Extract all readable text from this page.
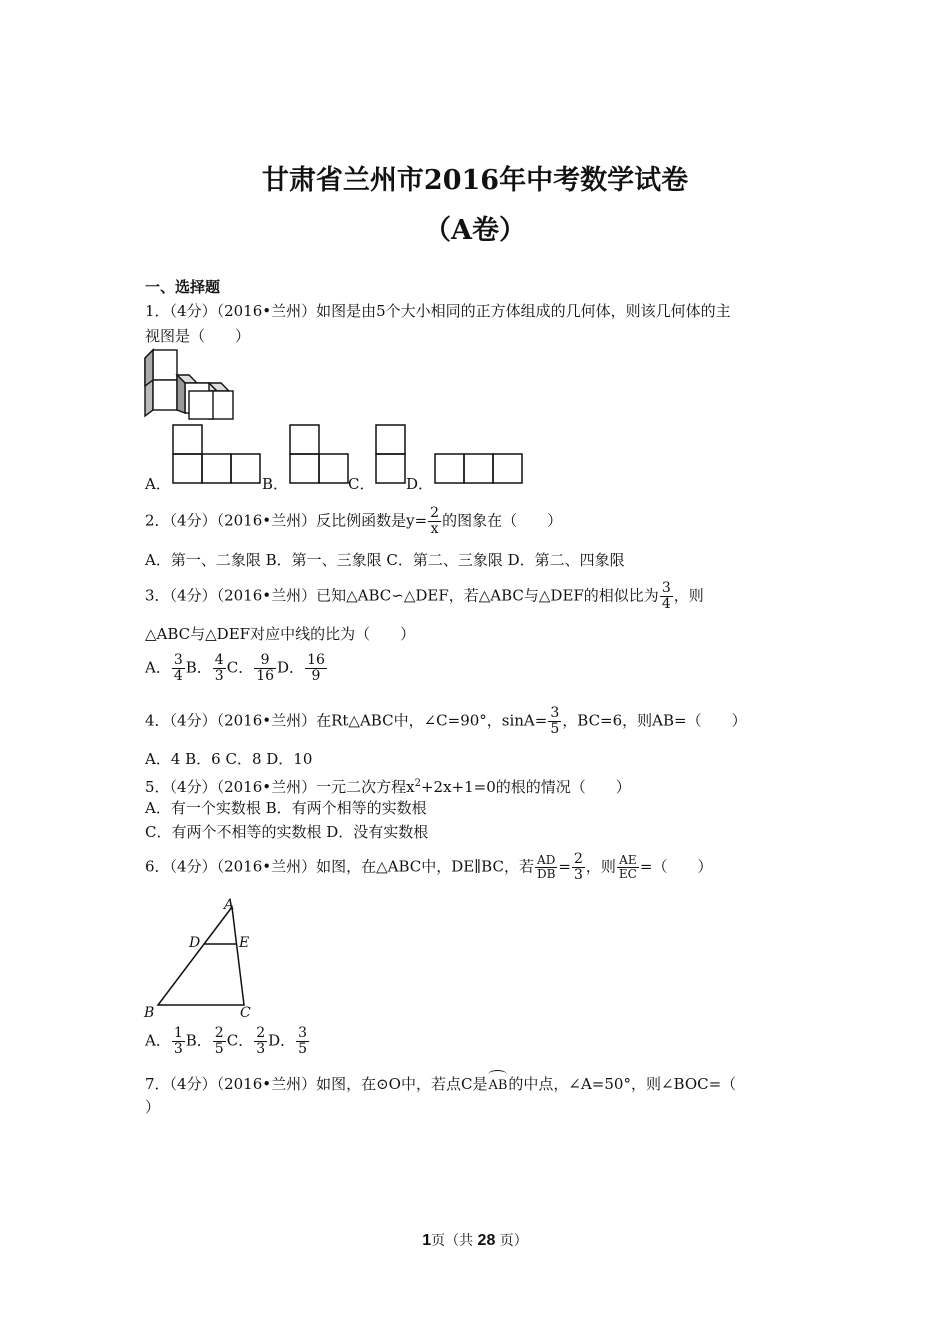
甘肃省兰州市2016年中考数学试卷
（A卷）
一、选择题
1．（4分）（2016•兰州）如图是由5个大小相同的正方体组成的几何体，则该几何体的主
视图是（　　）
A．	B．	C． D．
2．（4分）（2016•兰州）反比例函数是$y= \frac{2}{x}$ 的图象在（　　）
A．第一、二象限 B．第一、三象限 C．第二、三象限 D．第二、四象限
3．（4分）（2016•兰州）已知△ABC∽△DEF，若△ABC与△DEF的相似比为 $\frac{3}{4}$ ，则
△ABC与△DEF对应中线的比为（　　）
A． $\frac{3}{4}$ B． $\frac{4}{3}$ C． $\frac{9}{16}$ D． $\frac{16}{9}$
4．（4分）（2016•兰州）在Rt△ABC中，∠C=90°，$\sin A= \frac{3}{5}$ ，BC=6，则AB=（　　）
A．4 B．6 C．8 D．10
5．（4分）（2016•兰州）一元二次方程$x^2+2x+1=0$的根的情况（　　）
A．有一个实数根 B．有两个相等的实数根
C．有两个不相等的实数根 D．没有实数根
6．（4分）（2016•兰州）如图，在△ABC中，DE∥BC，若 $\frac{AD}{DB} = \frac{2}{3}$ ，则 $\frac{AE}{EC}$ =（　　）
A
D	E
B	C
A． $\frac{1}{3}$ B． $\frac{2}{5}$ C． $\frac{2}{3}$ D． $\frac{3}{5}$
7．（4分）（2016•兰州）如图，在⊙O中，若点C是
AB的中点，∠A=50°，则∠BOC=（
）
1页（共 28 页）
